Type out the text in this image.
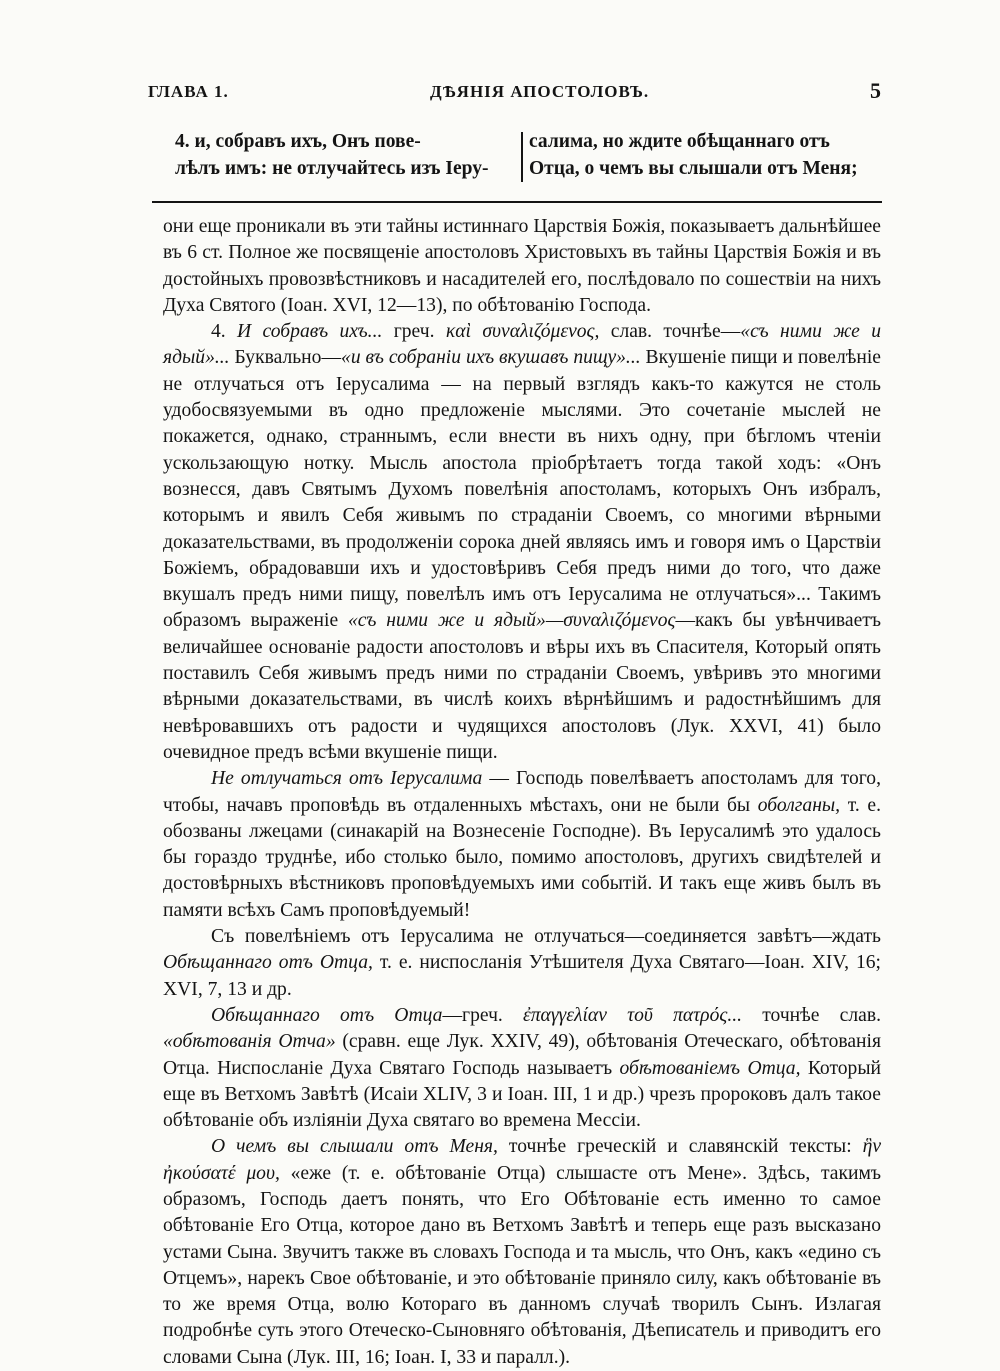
ГЛАВА 1.	ДѢЯНІЯ АПОСТОЛОВЪ.	5
4. и, собравъ ихъ, Онъ пове-
лѣлъ имъ: не отлучайтесь изъ Іеру-
салима, но ждите обѣщаннаго отъ
Отца, о чемъ вы слышали отъ Меня;

они еще проникали въ эти тайны истиннаго Царствія Божія, показываетъ дальнѣйшее въ 6 ст. Полное же посвященіе апостоловъ Христовыхъ въ тайны Царствія Божія и въ достойныхъ провозвѣстниковъ и насадителей его, послѣдовало по сошествіи на нихъ Духа Святого (Іоан. XVI, 12—13), по обѣтованію Господа.

4. И собравъ ихъ... греч. καὶ συναλιζόμενος, слав. точнѣе—«съ ними же и ядый»... Буквально—«и въ собраніи ихъ вкушавъ пищу»... Вкушеніе пищи и повелѣніе не отлучаться отъ Іерусалима — на первый взглядъ какъ-то кажутся не столь удобосвязуемыми въ одно предложеніе мыслями. Это сочетаніе мыслей не покажется, однако, страннымъ, если внести въ нихъ одну, при бѣгломъ чтеніи ускользающую нотку. Мысль апостола пріобрѣтаетъ тогда такой ходъ: «Онъ вознесся, давъ Святымъ Духомъ повелѣнія апостоламъ, которыхъ Онъ избралъ, которымъ и явилъ Себя живымъ по страданіи Своемъ, со многими вѣрными доказательствами, въ продолженіи сорока дней являясь имъ и говоря имъ о Царствіи Божіемъ, обрадовавши ихъ и удостовѣривъ Себя предъ ними до того, что даже вкушалъ предъ ними пищу, повелѣлъ имъ отъ Іерусалима не отлучаться»... Такимъ образомъ выраженіе «съ ними же и ядый»—συναλιζόμενος—какъ бы увѣнчиваетъ величайшее основаніе радости апостоловъ и вѣры ихъ въ Спасителя, Который опять поставилъ Себя живымъ предъ ними по страданіи Своемъ, увѣривъ это многими вѣрными доказательствами, въ числѣ коихъ вѣрнѣйшимъ и радостнѣйшимъ для невѣровавшихъ отъ радости и чудящихся апостоловъ (Лук. XXVI, 41) было очевидное предъ всѣми вкушеніе пищи.

Не отлучаться отъ Іерусалима — Господь повелѣваетъ апостоламъ для того, чтобы, начавъ проповѣдь въ отдаленныхъ мѣстахъ, они не были бы оболганы, т. е. обозваны лжецами (синакарій на Вознесеніе Господне). Въ Іерусалимѣ это удалось бы гораздо труднѣе, ибо столько было, помимо апостоловъ, другихъ свидѣтелей и достовѣрныхъ вѣстниковъ проповѣдуемыхъ ими событій. И такъ еще живъ былъ въ памяти всѣхъ Самъ проповѣдуемый!

Съ повелѣніемъ отъ Іерусалима не отлучаться—соединяется завѣтъ—ждать Обѣщаннаго отъ Отца, т. е. ниспосланія Утѣшителя Духа Святаго—Іоан. XIV, 16; XVI, 7, 13 и др.

Обѣщаннаго отъ Отца—греч. ἐπαγγελίαν τοῦ πατρός... точнѣе слав. «обѣтованія Отча» (сравн. еще Лук. XXIV, 49), обѣтованія Отеческаго, обѣтованія Отца. Ниспосланіе Духа Святаго Господь называетъ обѣтованіемъ Отца, Который еще въ Ветхомъ Завѣтѣ (Исаіи XLIV, 3 и Іоан. III, 1 и др.) чрезъ пророковъ далъ такое обѣтованіе объ изліяніи Духа святаго во времена Мессіи.

О чемъ вы слышали отъ Меня, точнѣе греческій и славянскій тексты: ἣν ἠκούσατέ μου, «еже (т. е. обѣтованіе Отца) слышасте отъ Мене». Здѣсь, такимъ образомъ, Господь даетъ понять, что Его Обѣтованіе есть именно то самое обѣтованіе Его Отца, которое дано въ Ветхомъ Завѣтѣ и теперь еще разъ высказано устами Сына. Звучитъ также въ словахъ Господа и та мысль, что Онъ, какъ «едино съ Отцемъ», нарекъ Свое обѣтованіе, и это обѣтованіе приняло силу, какъ обѣтованіе въ то же время Отца, волю Котораго въ данномъ случаѣ творилъ Сынъ. Излагая подробнѣе суть этого Отеческо-Сыновняго обѣтованія, Дѣеписатель и приводитъ его словами Сына (Лук. III, 16; Іоан. I, 33 и паралл.).
